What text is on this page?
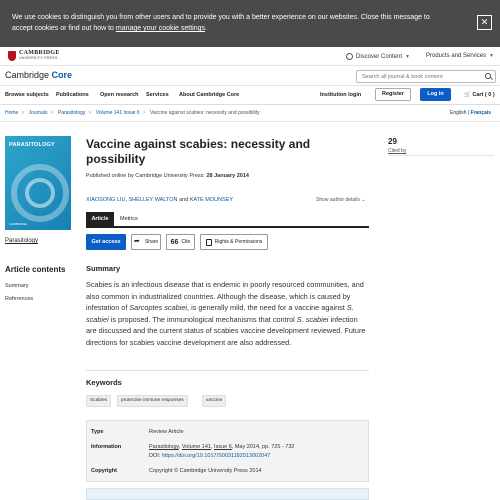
We use cookies to distinguish you from other users and to provide you with a better experience on our websites. Close this message to accept cookies or find out how to manage your cookie settings.
✕
CAMBRIDGE
UNIVERSITY PRESS	Discover Content ▼	Products and Services ▼
Cambridge Core	Search all journal & book content
Browse subjects Publications Open research Services About Cambridge Core	Institution login	Register	Log in	🛒 Cart ( 0 )
Home > Journals > Parasitology > Volume 141 Issue 6 > Vaccine against scabies: necessity and possibility	English | Français
PARASITOLOGY
CAMBRIDGE
Parasitology
Article contents
Summary
References
Vaccine against scabies: necessity and possibility
Published online by Cambridge University Press: 28 January 2014
XIAOSONG LIU, SHELLEY WALTON and KATE MOUNSEY	Show author details ⌄
Article	Metrics
Get access ➦	Share 66 Cite	Rights & Permissions
Summary
Scabies is an infectious disease that is endemic in poorly resourced communities, and also common in industrialized countries. Although the disease, which is caused by infestation of Sarcoptes scabiei, is generally mild, the need for a vaccine against S. scabiei is proposed. The immunological mechanisms that control S. scabiei infection are discussed and the current status of scabies vaccine development reviewed. Future directions for scabies vaccine development are also addressed.
Keywords
Scabies	protective immune responses	vaccine
Type	Review Article
Information	Parasitology, Volume 141, Issue 6, May 2014, pp. 725 - 732
DOI: https://doi.org/10.1017/S0031182013002047
Copyright	Copyright © Cambridge University Press 2014
29
Cited by
